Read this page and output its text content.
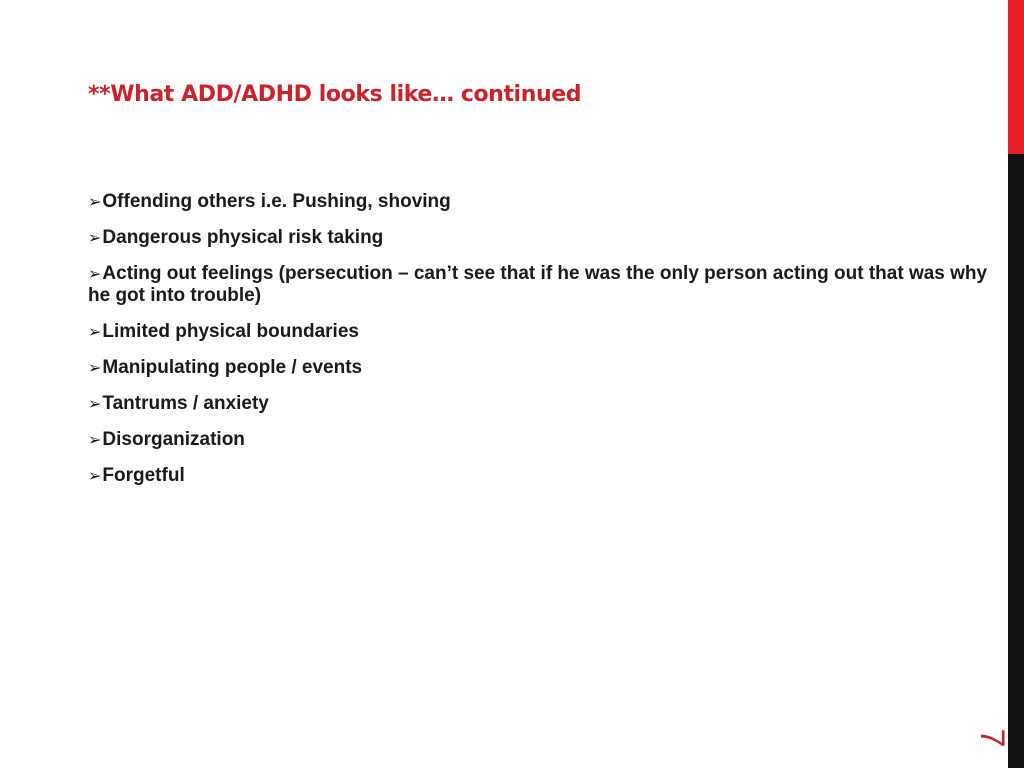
**What ADD/ADHD looks like… continued
➢Offending others i.e. Pushing, shoving
➢Dangerous physical risk taking
➢Acting out feelings (persecution – can’t see that if he was the only person acting out that was why he got into trouble)
➢Limited physical boundaries
➢Manipulating people / events
➢Tantrums / anxiety
➢Disorganization
➢Forgetful
7
